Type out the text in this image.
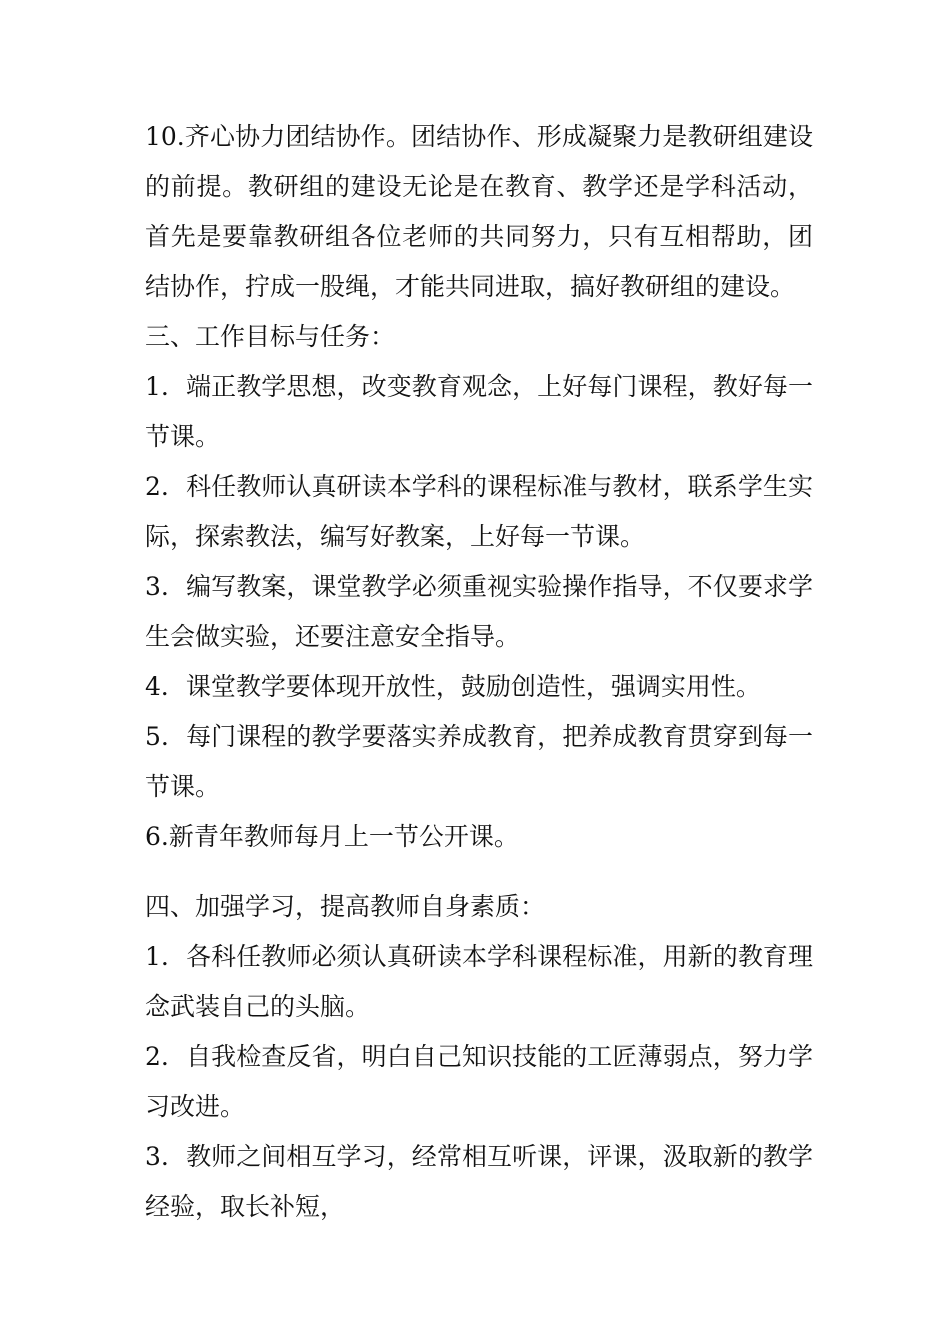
10.齐心协力团结协作。团结协作、形成凝聚力是教研组建设的前提。教研组的建设无论是在教育、教学还是学科活动，首先是要靠教研组各位老师的共同努力，只有互相帮助，团结协作，拧成一股绳，才能共同进取，搞好教研组的建设。

三、工作目标与任务：

1．端正教学思想，改变教育观念，上好每门课程，教好每一节课。

2．科任教师认真研读本学科的课程标准与教材，联系学生实际，探索教法，编写好教案，上好每一节课。

3．编写教案，课堂教学必须重视实验操作指导，不仅要求学生会做实验，还要注意安全指导。

4．课堂教学要体现开放性，鼓励创造性，强调实用性。

5．每门课程的教学要落实养成教育，把养成教育贯穿到每一节课。

6.新青年教师每月上一节公开课。

四、加强学习，提高教师自身素质：

1．各科任教师必须认真研读本学科课程标准，用新的教育理念武装自己的头脑。

2．自我检查反省，明白自己知识技能的工匠薄弱点，努力学习改进。

3．教师之间相互学习，经常相互听课，评课，汲取新的教学经验，取长补短，
